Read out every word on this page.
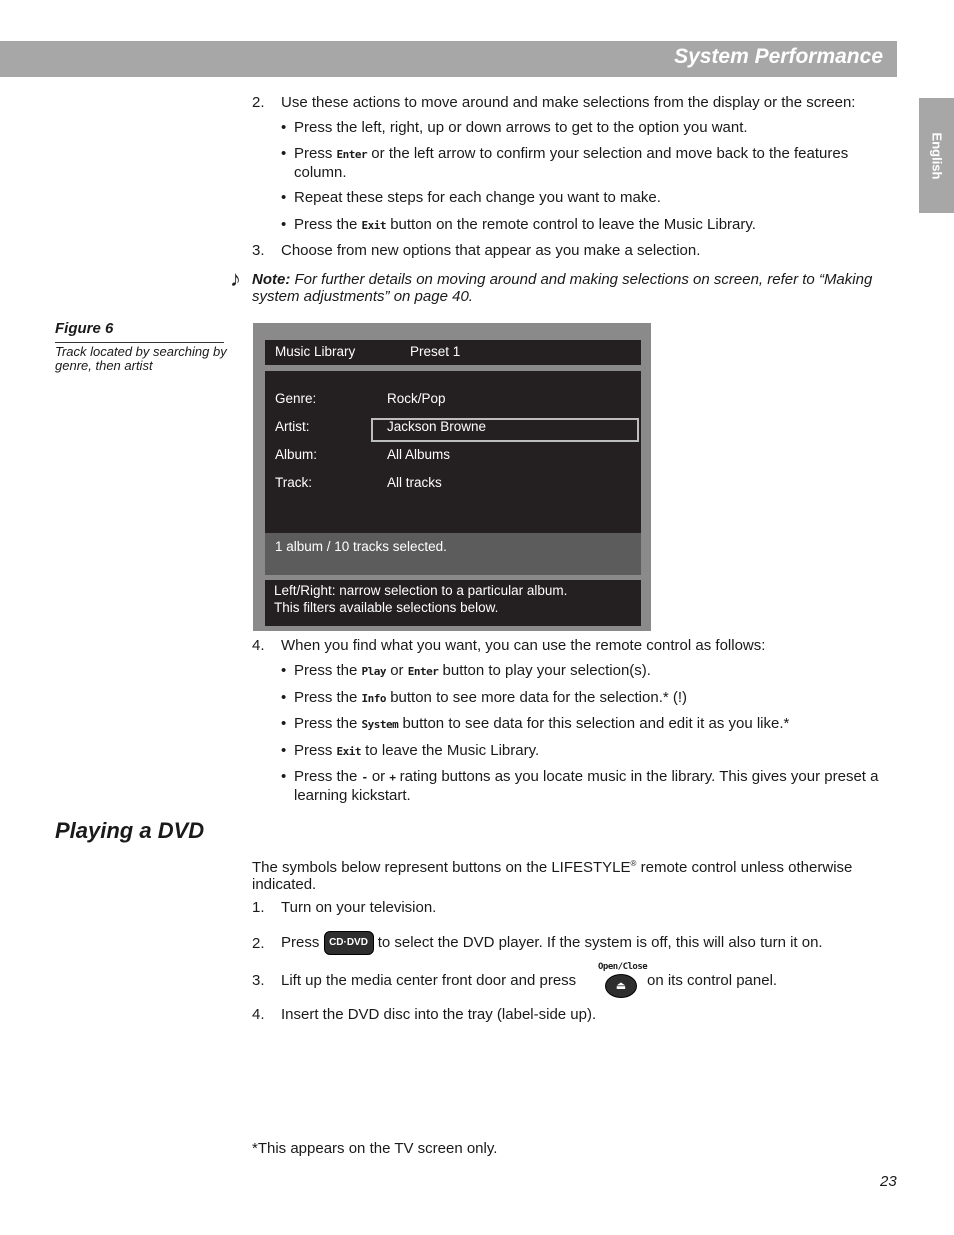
System Performance
English
2. Use these actions to move around and make selections from the display or the screen:
• Press the left, right, up or down arrows to get to the option you want.
• Press Enter or the left arrow to confirm your selection and move back to the features column.
• Repeat these steps for each change you want to make.
• Press the Exit button on the remote control to leave the Music Library.
3. Choose from new options that appear as you make a selection.
♪ Note: For further details on moving around and making selections on screen, refer to “Making system adjustments” on page 40.
Figure 6
Track located by searching by genre, then artist
Music Library	Preset 1
Genre:	Rock/Pop
Artist:	Jackson Browne
Album:	All Albums
Track:	All tracks
1 album / 10 tracks selected.
Left/Right: narrow selection to a particular album.
This filters available selections below.
4. When you find what you want, you can use the remote control as follows:
• Press the Play or Enter button to play your selection(s).
• Press the Info button to see more data for the selection.* (!)
• Press the System button to see data for this selection and edit it as you like.*
• Press Exit to leave the Music Library.
• Press the - or + rating buttons as you locate music in the library. This gives your preset a learning kickstart.
Playing a DVD
The symbols below represent buttons on the LIFESTYLE® remote control unless otherwise indicated.
1. Turn on your television.
2. Press CD·DVD to select the DVD player. If the system is off, this will also turn it on.
3. Lift up the media center front door and press
Open/Close
⏏	on its control panel.
4. Insert the DVD disc into the tray (label-side up).
*This appears on the TV screen only.
23
